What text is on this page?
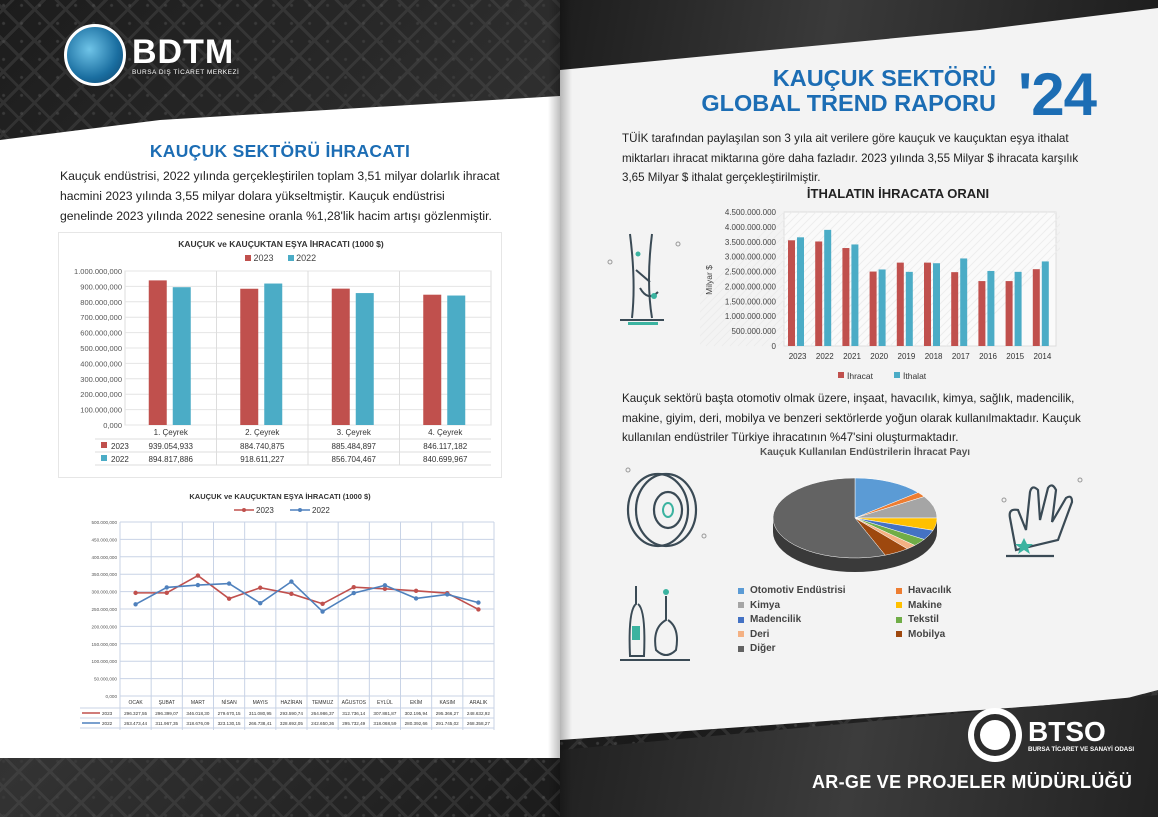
BDTM
BURSA DIŞ TİCARET MERKEZİ
KAUÇUK SEKTÖRÜ İHRACATI
Kauçuk endüstrisi, 2022 yılında gerçekleştirilen toplam 3,51 milyar dolarlık ihracat hacmini 2023 yılında 3,55 milyar dolara yükseltmiştir. Kauçuk endüstrisi genelinde 2023 yılında 2022 senesine oranla %1,28'lik hacim artışı gözlenmiştir.
KAUÇUK ve KAUÇUKTAN EŞYA İHRACATI (1000 $)
2023	2022
0,000
100.000,000
200.000,000
300.000,000
400.000,000
500.000,000
600.000,000
700.000,000
800.000,000
900.000,000
1.000.000,000
1. Çeyrek	2. Çeyrek	3. Çeyrek	4. Çeyrek
2023 939.054,933	884.740,875	885.484,897	846.117,182
2022 894.817,886	918.611,227	856.704,467	840.699,967
KAUÇUK ve KAUÇUKTAN EŞYA İHRACATI (1000 $)
2023	2022
0,000
50.000,000
100.000,000
150.000,000
200.000,000
250.000,000
300.000,000
350.000,000
400.000,000
450.000,000
500.000,000
OCAK	ŞUBAT	MART	NİSAN	MAYIS	HAZİRAN TEMMUZ AĞUSTOS EYLÜL	EKİM	KASIM	ARALIK
2023	296.327,55 296.399,07 346.018,30 279.670,15 311.080,95 293.590,74 264.986,37 312.736,14 307.881,87 302.195,94 295.366,27 248.632,92
2022	263.473,44 311.967,35 318.676,09 323.130,15 266.738,41 328.692,05 242.650,36 295.732,49 318.068,59 280.392,66 291.745,02 268.358,27
KAUÇUK SEKTÖRÜ
GLOBAL TREND RAPORU '24
TÜİK tarafından paylaşılan son 3 yıla ait verilere göre kauçuk ve kauçuktan eşya ithalat miktarları ihracat miktarına göre daha fazladır. 2023 yılında 3,55 Milyar $ ihracata karşılık 3,65 Milyar $ ithalat gerçekleştirilmiştir.
İTHALATIN İHRACATA ORANI
0
500.000.000
1.000.000.000
1.500.000.000
2.000.000.000
2.500.000.000
3.000.000.000
3.500.000.000
4.000.000.000
4.500.000.000
Milyar $
2023 2022 2021 2020 2019 2018 2017 2016 2015 2014
İhracat	İthalat
Kauçuk sektörü başta otomotiv olmak üzere, inşaat, havacılık, kimya, sağlık, madencilik, makine, giyim, deri, mobilya ve benzeri sektörlerde yoğun olarak kullanılmaktadır. Kauçuk kullanılan endüstriler Türkiye ihracatının %47'sini oluşturmaktadır.
Kauçuk Kullanılan Endüstrilerin İhracat Payı
Otomotiv Endüstrisi	Havacılık
Kimya	Makine
Madencilik	Tekstil
Deri	Mobilya
Diğer
BTSO
BURSA TİCARET VE SANAYİ ODASI
AR-GE VE PROJELER MÜDÜRLÜĞÜ
